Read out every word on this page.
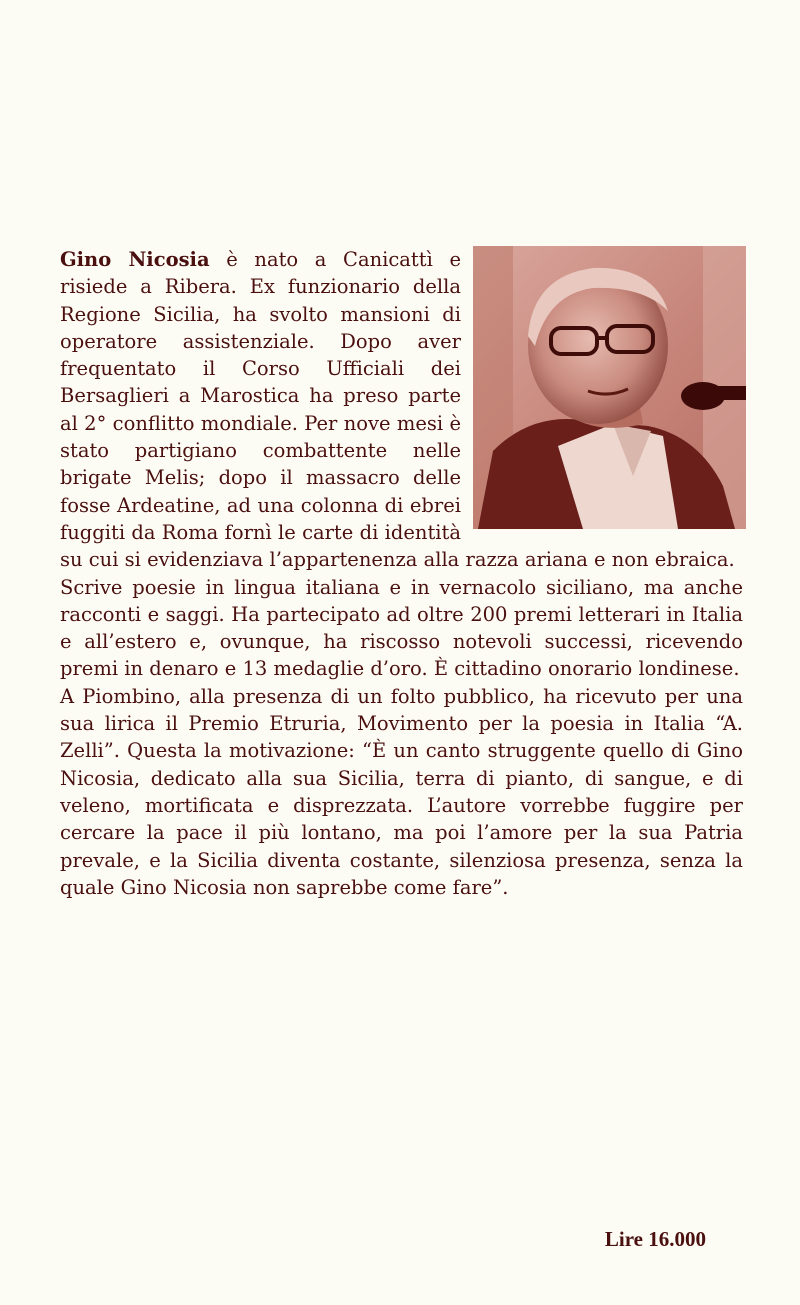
Gino Nicosia è nato a Canicattì e risiede a Ribera. Ex funzionario della Regione Sicilia, ha svolto mansioni di operatore assistenziale. Dopo aver frequentato il Corso Ufficiali dei Bersaglieri a Marostica ha preso parte al 2° conflitto mondiale. Per nove mesi è stato partigiano combattente nelle brigate Melis; dopo il massacro delle fosse Ardeatine, ad una colonna di ebrei fuggiti da Roma fornì le carte di identità su cui si evidenziava l’appartenenza alla razza ariana e non ebraica.

Scrive poesie in lingua italiana e in vernacolo siciliano, ma anche racconti e saggi. Ha partecipato ad oltre 200 premi letterari in Italia e all’estero e, ovunque, ha riscosso notevoli successi, ricevendo premi in denaro e 13 medaglie d’oro. È cittadino onorario londinese.

A Piombino, alla presenza di un folto pubblico, ha ricevuto per una sua lirica il Premio Etruria, Movimento per la poesia in Italia “A. Zelli”. Questa la motivazione: “È un canto struggente quello di Gino Nicosia, dedicato alla sua Sicilia, terra di pianto, di sangue, e di veleno, mortificata e disprezzata. L’autore vorrebbe fuggire per cercare la pace il più lontano, ma poi l’amore per la sua Patria prevale, e la Sicilia diventa costante, silenziosa presenza, senza la quale Gino Nicosia non saprebbe come fare”.

Lire 16.000
